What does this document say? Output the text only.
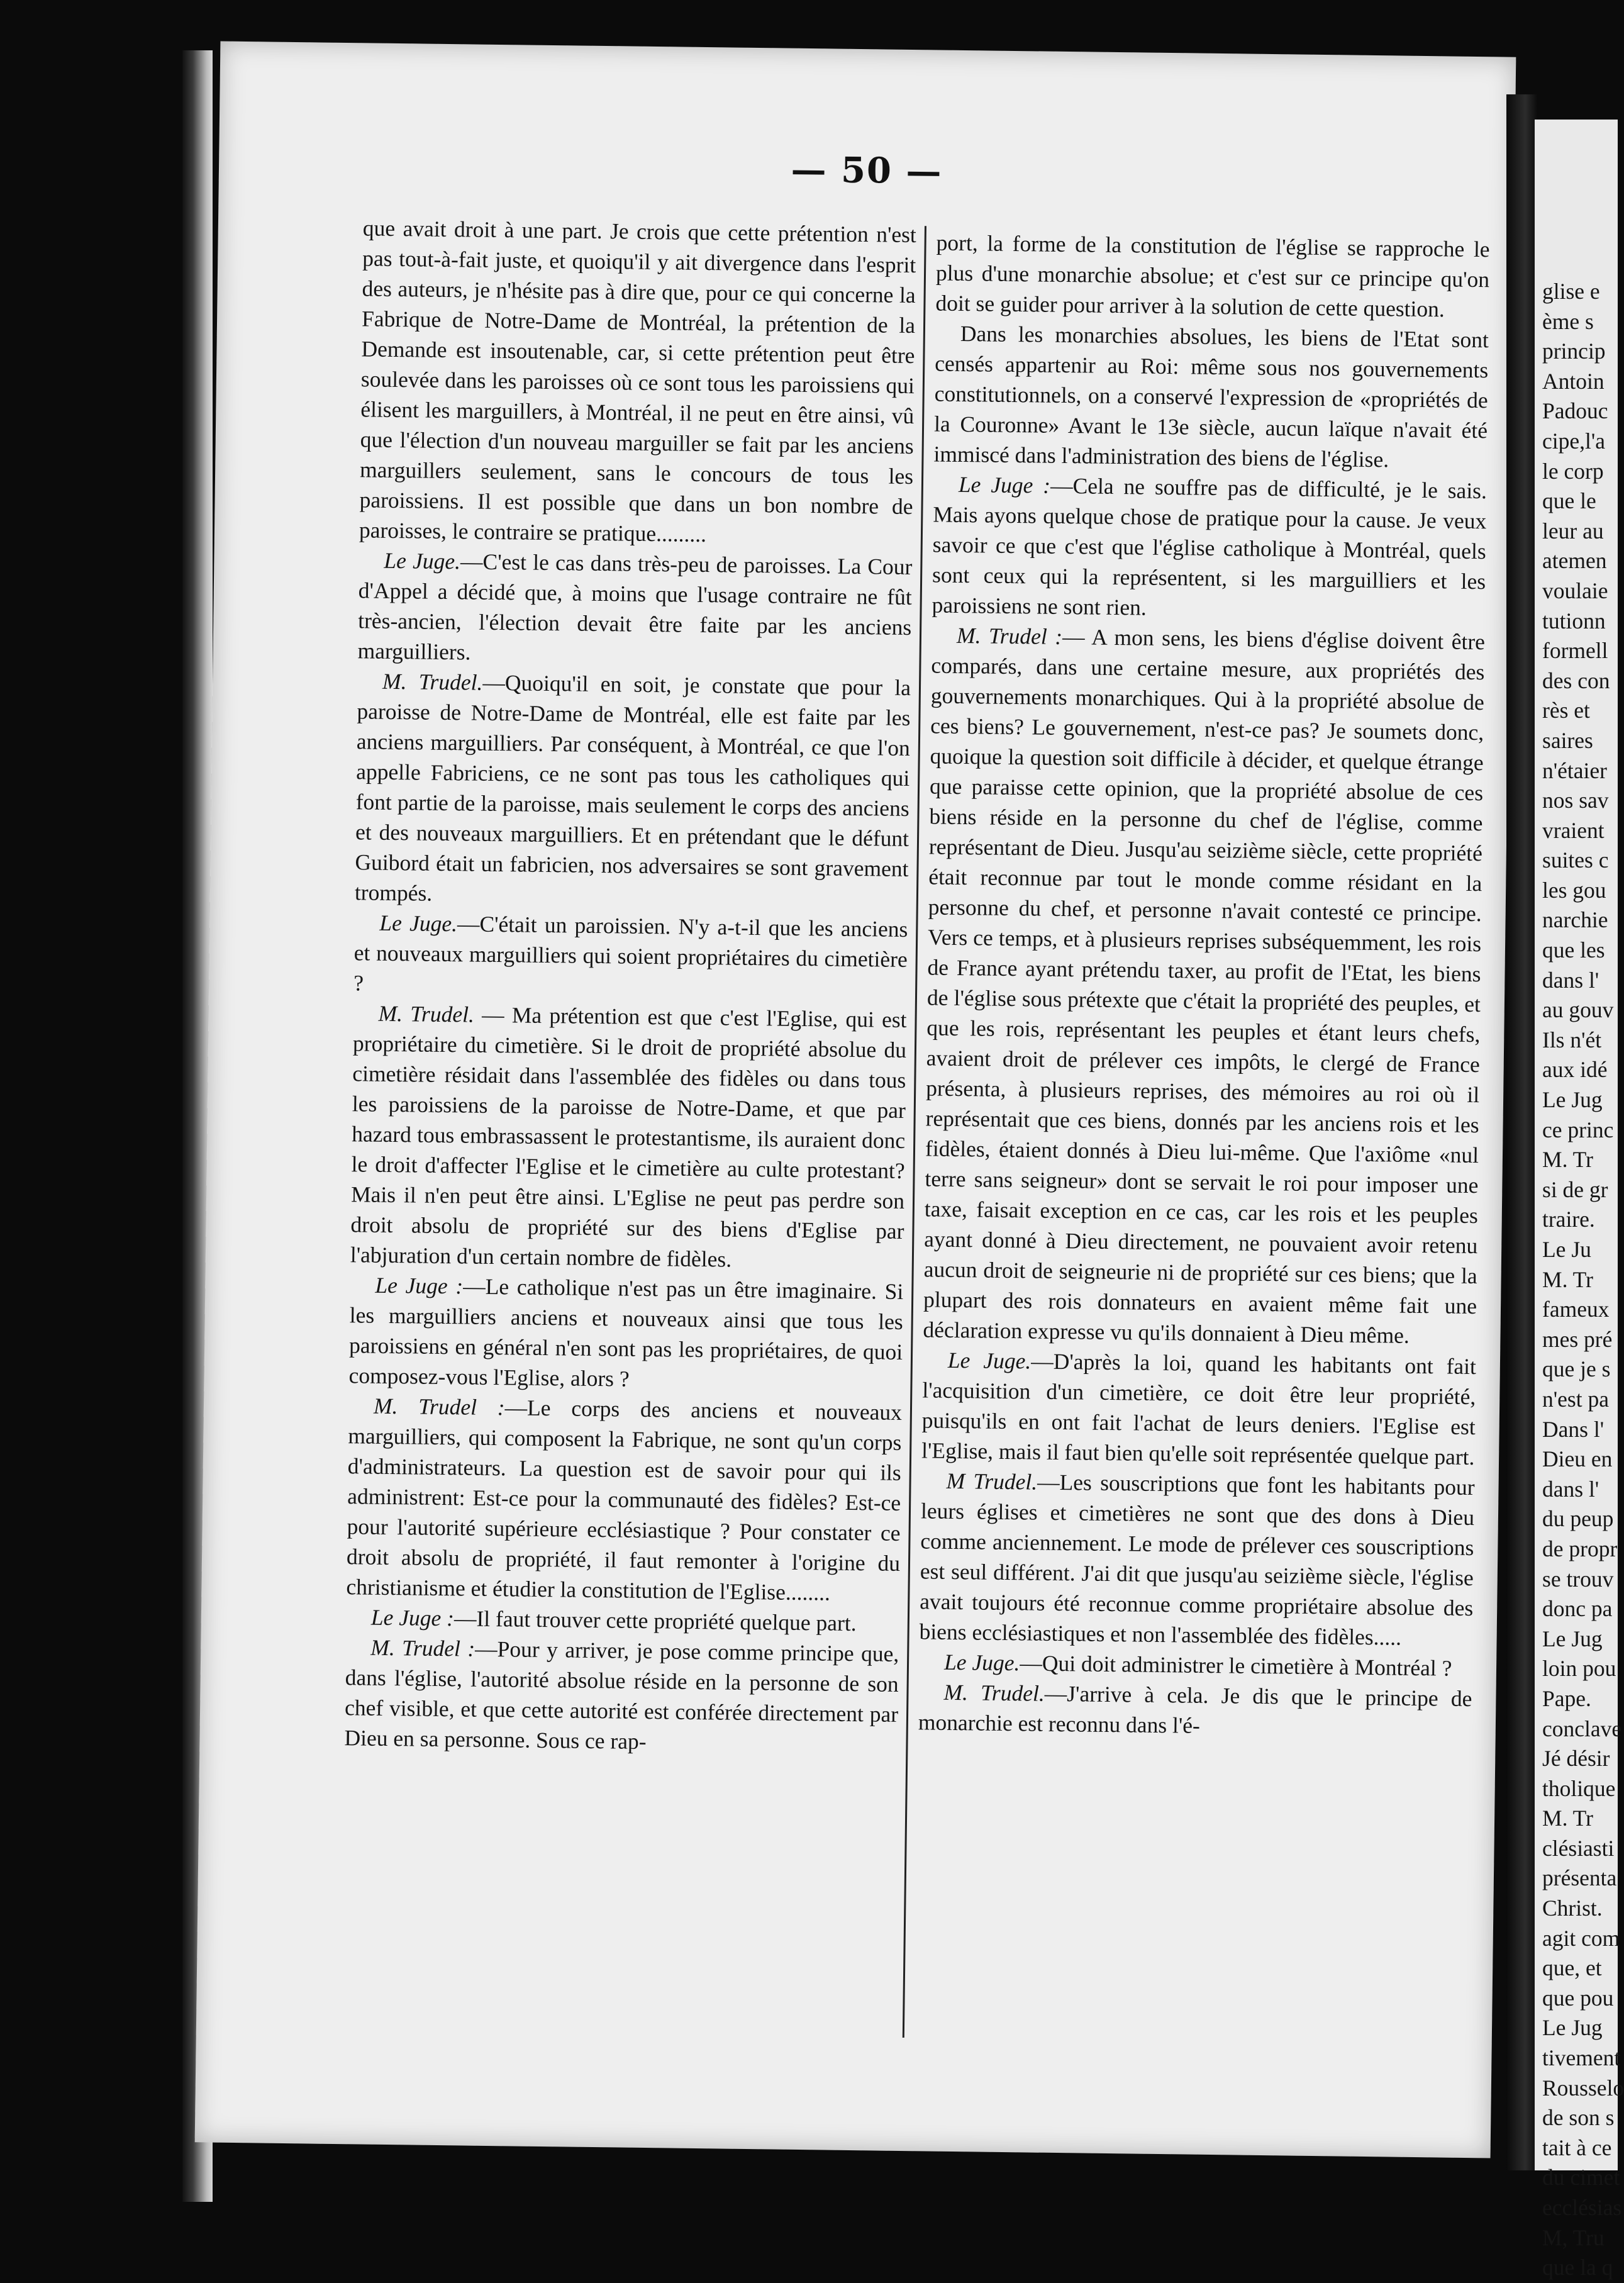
— 50 —

que avait droit à une part. Je crois que cette prétention n'est pas tout-à-fait juste, et quoiqu'il y ait divergence dans l'esprit des auteurs, je n'hésite pas à dire que, pour ce qui concerne la Fabrique de Notre-Dame de Montréal, la prétention de la Demande est insoutenable, car, si cette prétention peut être soulevée dans les paroisses où ce sont tous les paroissiens qui élisent les marguillers, à Montréal, il ne peut en être ainsi, vû que l'élection d'un nouveau marguiller se fait par les anciens marguillers seulement, sans le concours de tous les paroissiens. Il est possible que dans un bon nombre de paroisses, le contraire se pratique.........

Le Juge.—C'est le cas dans très-peu de paroisses. La Cour d'Appel a décidé que, à moins que l'usage contraire ne fût très-ancien, l'élection devait être faite par les anciens marguilliers.

M. Trudel.—Quoiqu'il en soit, je constate que pour la paroisse de Notre-Dame de Montréal, elle est faite par les anciens marguilliers. Par conséquent, à Montréal, ce que l'on appelle Fabriciens, ce ne sont pas tous les catholiques qui font partie de la paroisse, mais seulement le corps des anciens et des nouveaux marguilliers. Et en prétendant que le défunt Guibord était un fabricien, nos adversaires se sont gravement trompés.

Le Juge.—C'était un paroissien. N'y a-t-il que les anciens et nouveaux marguilliers qui soient propriétaires du cimetière ?

M. Trudel. — Ma prétention est que c'est l'Eglise, qui est propriétaire du cimetière. Si le droit de propriété absolue du cimetière résidait dans l'assemblée des fidèles ou dans tous les paroissiens de la paroisse de Notre-Dame, et que par hazard tous embrassassent le protestantisme, ils auraient donc le droit d'affecter l'Eglise et le cimetière au culte protestant? Mais il n'en peut être ainsi. L'Eglise ne peut pas perdre son droit absolu de propriété sur des biens d'Eglise par l'abjuration d'un certain nombre de fidèles.

Le Juge :—Le catholique n'est pas un être imaginaire. Si les marguilliers anciens et nouveaux ainsi que tous les paroissiens en général n'en sont pas les propriétaires, de quoi composez-vous l'Eglise, alors ?

M. Trudel :—Le corps des anciens et nouveaux marguilliers, qui composent la Fabrique, ne sont qu'un corps d'administrateurs. La question est de savoir pour qui ils administrent: Est-ce pour la communauté des fidèles? Est-ce pour l'autorité supérieure ecclésiastique ? Pour constater ce droit absolu de propriété, il faut remonter à l'origine du christianisme et étudier la constitution de l'Eglise........

Le Juge :—Il faut trouver cette propriété quelque part.

M. Trudel :—Pour y arriver, je pose comme principe que, dans l'église, l'autorité absolue réside en la personne de son chef visible, et que cette autorité est conférée directement par Dieu en sa personne. Sous ce rap-

port, la forme de la constitution de l'église se rapproche le plus d'une monarchie absolue; et c'est sur ce principe qu'on doit se guider pour arriver à la solution de cette question.

Dans les monarchies absolues, les biens de l'Etat sont censés appartenir au Roi: même sous nos gouvernements constitutionnels, on a conservé l'expression de «propriétés de la Couronne» Avant le 13e siècle, aucun laïque n'avait été immiscé dans l'administration des biens de l'église.

Le Juge :—Cela ne souffre pas de difficulté, je le sais. Mais ayons quelque chose de pratique pour la cause. Je veux savoir ce que c'est que l'église catholique à Montréal, quels sont ceux qui la représentent, si les marguilliers et les paroissiens ne sont rien.

M. Trudel :— A mon sens, les biens d'église doivent être comparés, dans une certaine mesure, aux propriétés des gouvernements monarchiques. Qui à la propriété absolue de ces biens? Le gouvernement, n'est-ce pas? Je soumets donc, quoique la question soit difficile à décider, et quelque étrange que paraisse cette opinion, que la propriété absolue de ces biens réside en la personne du chef de l'église, comme représentant de Dieu. Jusqu'au seizième siècle, cette propriété était reconnue par tout le monde comme résidant en la personne du chef, et personne n'avait contesté ce principe. Vers ce temps, et à plusieurs reprises subséquemment, les rois de France ayant prétendu taxer, au profit de l'Etat, les biens de l'église sous prétexte que c'était la propriété des peuples, et que les rois, représentant les peuples et étant leurs chefs, avaient droit de prélever ces impôts, le clergé de France présenta, à plusieurs reprises, des mémoires au roi où il représentait que ces biens, donnés par les anciens rois et les fidèles, étaient donnés à Dieu lui-même. Que l'axiôme «nul terre sans seigneur» dont se servait le roi pour imposer une taxe, faisait exception en ce cas, car les rois et les peuples ayant donné à Dieu directement, ne pouvaient avoir retenu aucun droit de seigneurie ni de propriété sur ces biens; que la plupart des rois donnateurs en avaient même fait une déclaration expresse vu qu'ils donnaient à Dieu même.

Le Juge.—D'après la loi, quand les habitants ont fait l'acquisition d'un cimetière, ce doit être leur propriété, puisqu'ils en ont fait l'achat de leurs deniers. l'Eglise est l'Eglise, mais il faut bien qu'elle soit représentée quelque part.

M Trudel.—Les souscriptions que font les habitants pour leurs églises et cimetières ne sont que des dons à Dieu comme anciennement. Le mode de prélever ces souscriptions est seul différent. J'ai dit que jusqu'au seizième siècle, l'église avait toujours été reconnue comme propriétaire absolue des biens ecclésiastiques et non l'assemblée des fidèles.....

Le Juge.—Qui doit administrer le cimetière à Montréal ?

M. Trudel.—J'arrive à cela. Je dis que le principe de monarchie est reconnu dans l'é-

glise e
ème s
princip
Antoin
Padouc
cipe,l'a
le corp
que le
leur au
atemen
voulaie
tutionn
formell
des con
rès et
saires
n'étaier
nos sav
vraient
suites c
les gou
narchie
que les
dans l'
au gouv
Ils n'ét
aux idé
Le Jug
ce princ
M. Tr
si de gr
traire.
Le Ju
M. Tr
fameux
mes pré
que je s
n'est pa
Dans l'
Dieu en
dans l'
du peup
de propr
se trouv
donc pa
Le Jug
loin pou
Pape.
conclave
Jé désir
tholique
M. Tr
clésiasti
présenta
Christ.
agit com
que, et
que pou
Le Jug
tivement
Rousselo
de son s
tait à ce
du cimet
ecclésias
M, Tru
que la q
